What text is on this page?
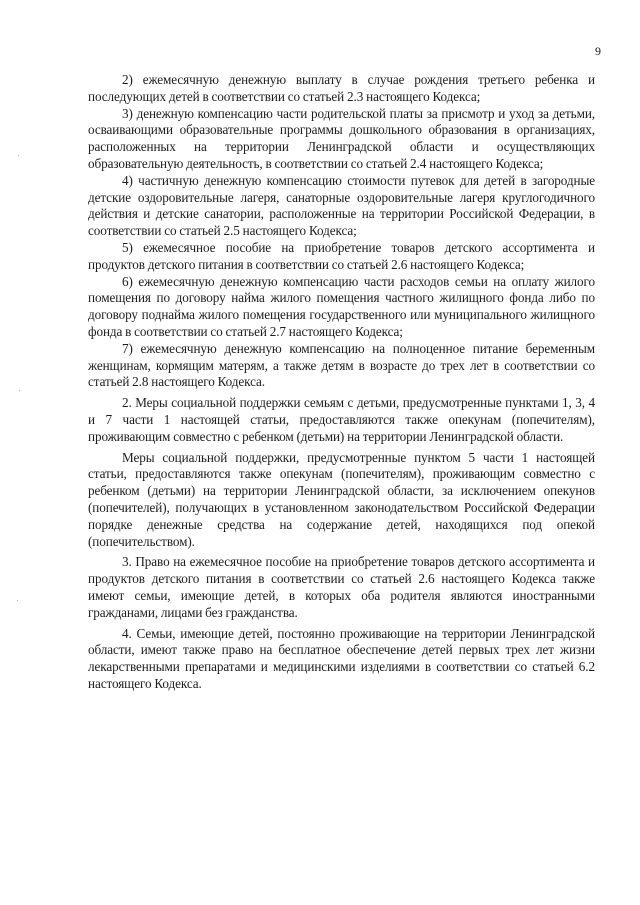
9

2) ежемесячную денежную выплату в случае рождения третьего ребенка и последующих детей в соответствии со статьей 2.3 настоящего Кодекса;

3) денежную компенсацию части родительской платы за присмотр и уход за детьми, осваивающими образовательные программы дошкольного образования в организациях, расположенных на территории Ленинградской области и осуществляющих образовательную деятельность, в соответствии со статьей 2.4 настоящего Кодекса;

4) частичную денежную компенсацию стоимости путевок для детей в загородные детские оздоровительные лагеря, санаторные оздоровительные лагеря круглогодичного действия и детские санатории, расположенные на территории Российской Федерации, в соответствии со статьей 2.5 настоящего Кодекса;

5) ежемесячное пособие на приобретение товаров детского ассортимента и продуктов детского питания в соответствии со статьей 2.6 настоящего Кодекса;

6) ежемесячную денежную компенсацию части расходов семьи на оплату жилого помещения по договору найма жилого помещения частного жилищного фонда либо по договору поднайма жилого помещения государственного или муниципального жилищного фонда в соответствии со статьей 2.7 настоящего Кодекса;

7) ежемесячную денежную компенсацию на полноценное питание беременным женщинам, кормящим матерям, а также детям в возрасте до трех лет в соответствии со статьей 2.8 настоящего Кодекса.

2. Меры социальной поддержки семьям с детьми, предусмотренные пунктами 1, 3, 4 и 7 части 1 настоящей статьи, предоставляются также опекунам (попечителям), проживающим совместно с ребенком (детьми) на территории Ленинградской области.

Меры социальной поддержки, предусмотренные пунктом 5 части 1 настоящей статьи, предоставляются также опекунам (попечителям), проживающим совместно с ребенком (детьми) на территории Ленинградской области, за исключением опекунов (попечителей), получающих в установленном законодательством Российской Федерации порядке денежные средства на содержание детей, находящихся под опекой (попечительством).

3. Право на ежемесячное пособие на приобретение товаров детского ассортимента и продуктов детского питания в соответствии со статьей 2.6 настоящего Кодекса также имеют семьи, имеющие детей, в которых оба родителя являются иностранными гражданами, лицами без гражданства.

4. Семьи, имеющие детей, постоянно проживающие на территории Ленинградской области, имеют также право на бесплатное обеспечение детей первых трех лет жизни лекарственными препаратами и медицинскими изделиями в соответствии со статьей 6.2 настоящего Кодекса.
